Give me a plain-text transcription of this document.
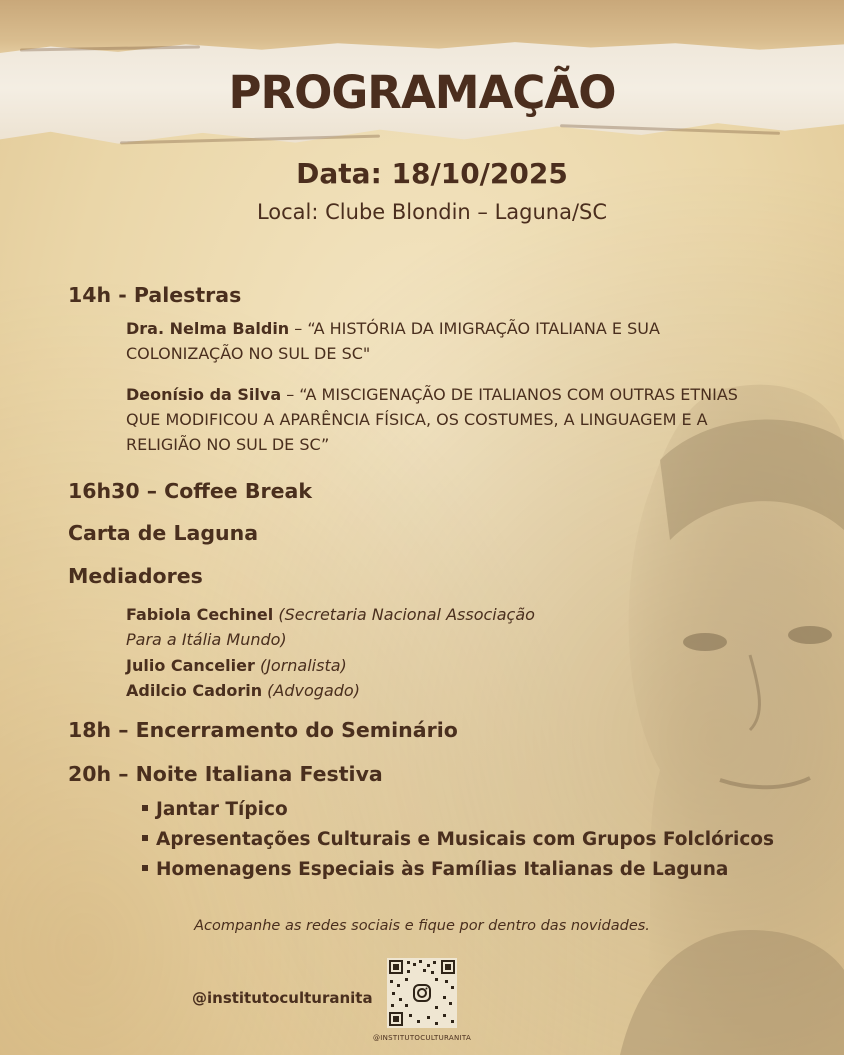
PROGRAMAÇÃO
Data: 18/10/2025
Local: Clube Blondin – Laguna/SC
14h - Palestras
Dra. Nelma Baldin – “A HISTÓRIA DA IMIGRAÇÃO ITALIANA E SUA
COLONIZAÇÃO NO SUL DE SC"
Deonísio da Silva – “A MISCIGENAÇÃO DE ITALIANOS COM OUTRAS ETNIAS
QUE MODIFICOU A APARÊNCIA FÍSICA, OS COSTUMES, A LINGUAGEM E A
RELIGIÃO NO SUL DE SC”
16h30 – Coffee Break
Carta de Laguna
Mediadores
Fabiola Cechinel (Secretaria Nacional Associação
Para a Itália Mundo)
Julio Cancelier (Jornalista)
Adilcio Cadorin (Advogado)
18h – Encerramento do Seminário
20h – Noite Italiana Festiva
Jantar Típico
Apresentações Culturais e Musicais com Grupos Folclóricos
Homenagens Especiais às Famílias Italianas de Laguna
Acompanhe as redes sociais e fique por dentro das novidades.
@institutoculturanita
@INSTITUTOCULTURANITA
